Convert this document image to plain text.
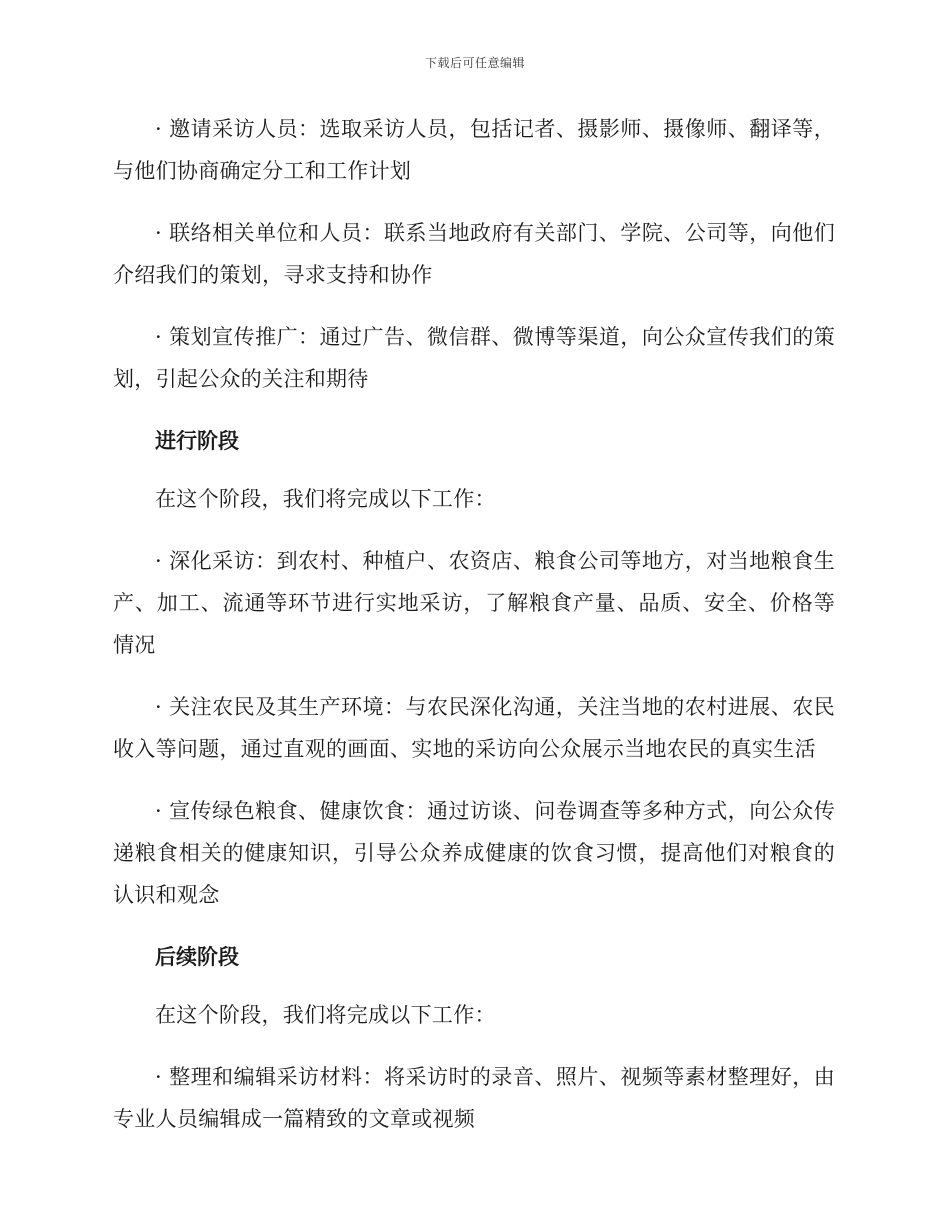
下载后可任意编辑

· 邀请采访人员：选取采访人员，包括记者、摄影师、摄像师、翻译等，与他们协商确定分工和工作计划

· 联络相关单位和人员：联系当地政府有关部门、学院、公司等，向他们介绍我们的策划，寻求支持和协作

· 策划宣传推广：通过广告、微信群、微博等渠道，向公众宣传我们的策划，引起公众的关注和期待

进行阶段

在这个阶段，我们将完成以下工作：

· 深化采访：到农村、种植户、农资店、粮食公司等地方，对当地粮食生产、加工、流通等环节进行实地采访，了解粮食产量、品质、安全、价格等情况

· 关注农民及其生产环境：与农民深化沟通，关注当地的农村进展、农民收入等问题，通过直观的画面、实地的采访向公众展示当地农民的真实生活

· 宣传绿色粮食、健康饮食：通过访谈、问卷调查等多种方式，向公众传递粮食相关的健康知识，引导公众养成健康的饮食习惯，提高他们对粮食的认识和观念

后续阶段

在这个阶段，我们将完成以下工作：

· 整理和编辑采访材料：将采访时的录音、照片、视频等素材整理好，由专业人员编辑成一篇精致的文章或视频
